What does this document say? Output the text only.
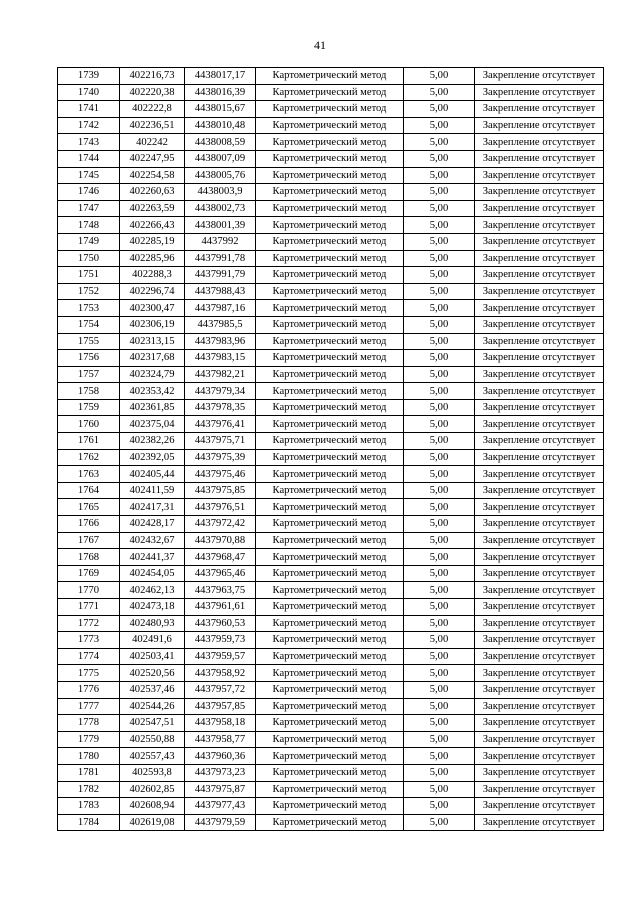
41
1739	402216,73	4438017,17	Картометрический метод	5,00	Закрепление отсутствует
1740	402220,38	4438016,39	Картометрический метод	5,00	Закрепление отсутствует
1741	402222,8	4438015,67	Картометрический метод	5,00	Закрепление отсутствует
1742	402236,51	4438010,48	Картометрический метод	5,00	Закрепление отсутствует
1743	402242	4438008,59	Картометрический метод	5,00	Закрепление отсутствует
1744	402247,95	4438007,09	Картометрический метод	5,00	Закрепление отсутствует
1745	402254,58	4438005,76	Картометрический метод	5,00	Закрепление отсутствует
1746	402260,63	4438003,9	Картометрический метод	5,00	Закрепление отсутствует
1747	402263,59	4438002,73	Картометрический метод	5,00	Закрепление отсутствует
1748	402266,43	4438001,39	Картометрический метод	5,00	Закрепление отсутствует
1749	402285,19	4437992	Картометрический метод	5,00	Закрепление отсутствует
1750	402285,96	4437991,78	Картометрический метод	5,00	Закрепление отсутствует
1751	402288,3	4437991,79	Картометрический метод	5,00	Закрепление отсутствует
1752	402296,74	4437988,43	Картометрический метод	5,00	Закрепление отсутствует
1753	402300,47	4437987,16	Картометрический метод	5,00	Закрепление отсутствует
1754	402306,19	4437985,5	Картометрический метод	5,00	Закрепление отсутствует
1755	402313,15	4437983,96	Картометрический метод	5,00	Закрепление отсутствует
1756	402317,68	4437983,15	Картометрический метод	5,00	Закрепление отсутствует
1757	402324,79	4437982,21	Картометрический метод	5,00	Закрепление отсутствует
1758	402353,42	4437979,34	Картометрический метод	5,00	Закрепление отсутствует
1759	402361,85	4437978,35	Картометрический метод	5,00	Закрепление отсутствует
1760	402375,04	4437976,41	Картометрический метод	5,00	Закрепление отсутствует
1761	402382,26	4437975,71	Картометрический метод	5,00	Закрепление отсутствует
1762	402392,05	4437975,39	Картометрический метод	5,00	Закрепление отсутствует
1763	402405,44	4437975,46	Картометрический метод	5,00	Закрепление отсутствует
1764	402411,59	4437975,85	Картометрический метод	5,00	Закрепление отсутствует
1765	402417,31	4437976,51	Картометрический метод	5,00	Закрепление отсутствует
1766	402428,17	4437972,42	Картометрический метод	5,00	Закрепление отсутствует
1767	402432,67	4437970,88	Картометрический метод	5,00	Закрепление отсутствует
1768	402441,37	4437968,47	Картометрический метод	5,00	Закрепление отсутствует
1769	402454,05	4437965,46	Картометрический метод	5,00	Закрепление отсутствует
1770	402462,13	4437963,75	Картометрический метод	5,00	Закрепление отсутствует
1771	402473,18	4437961,61	Картометрический метод	5,00	Закрепление отсутствует
1772	402480,93	4437960,53	Картометрический метод	5,00	Закрепление отсутствует
1773	402491,6	4437959,73	Картометрический метод	5,00	Закрепление отсутствует
1774	402503,41	4437959,57	Картометрический метод	5,00	Закрепление отсутствует
1775	402520,56	4437958,92	Картометрический метод	5,00	Закрепление отсутствует
1776	402537,46	4437957,72	Картометрический метод	5,00	Закрепление отсутствует
1777	402544,26	4437957,85	Картометрический метод	5,00	Закрепление отсутствует
1778	402547,51	4437958,18	Картометрический метод	5,00	Закрепление отсутствует
1779	402550,88	4437958,77	Картометрический метод	5,00	Закрепление отсутствует
1780	402557,43	4437960,36	Картометрический метод	5,00	Закрепление отсутствует
1781	402593,8	4437973,23	Картометрический метод	5,00	Закрепление отсутствует
1782	402602,85	4437975,87	Картометрический метод	5,00	Закрепление отсутствует
1783	402608,94	4437977,43	Картометрический метод	5,00	Закрепление отсутствует
1784	402619,08	4437979,59	Картометрический метод	5,00	Закрепление отсутствует
